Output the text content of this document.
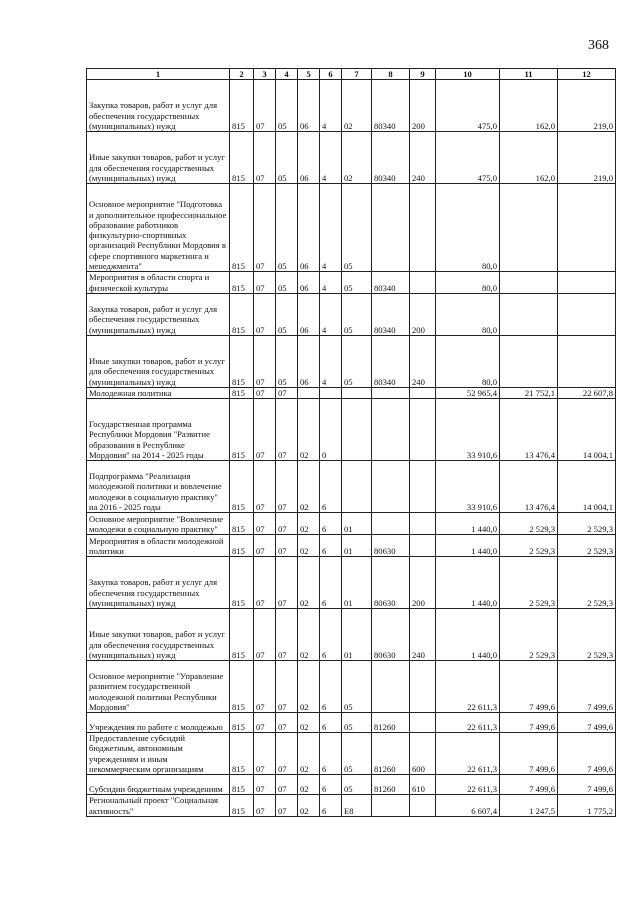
368
1	2	3	4	5	6	7	8	9	10	11	12
Закупка товаров, работ и услуг для обеспечения государственных (муниципальных) нужд	815	07	05	06	4	02	80340	200	475,0	162,0	219,0
Иные закупки товаров, работ и услуг для обеспечения государственных (муниципальных) нужд	815	07	05	06	4	02	80340	240	475,0	162,0	219,0
Основное мероприятие "Подготовка и дополнительное профессиональное образование работников физкультурно-спортивных организаций Республики Мордовия в сфере спортивного маркетинга и менеджмента"	815	07	05	06	4	05			80,0		
Мероприятия в области спорта и физической культуры	815	07	05	06	4	05	80340		80,0		
Закупка товаров, работ и услуг для обеспечения государственных (муниципальных) нужд	815	07	05	06	4	05	80340	200	80,0		
Иные закупки товаров, работ и услуг для обеспечения государственных (муниципальных) нужд	815	07	05	06	4	05	80340	240	80,0		
Молодежная политика	815	07	07						52 965,4	21 752,1	22 607,8
Государственная программа Республики Мордовия "Развитие образования в Республике Мордовия" на 2014 - 2025 годы	815	07	07	02	0				33 910,6	13 476,4	14 004,1
Подпрограмма "Реализация молодежной политики и вовлечение молодежи в социальную практику" на 2016 - 2025 годы	815	07	07	02	6				33 910,6	13 476,4	14 004,1
Основное мероприятие "Вовлечение молодежи в социальную практику"	815	07	07	02	6	01			1 440,0	2 529,3	2 529,3
Мероприятия в области молодежной политики	815	07	07	02	6	01	80630		1 440,0	2 529,3	2 529,3
Закупка товаров, работ и услуг для обеспечения государственных (муниципальных) нужд	815	07	07	02	6	01	80630	200	1 440,0	2 529,3	2 529,3
Иные закупки товаров, работ и услуг для обеспечения государственных (муниципальных) нужд	815	07	07	02	6	01	80630	240	1 440,0	2 529,3	2 529,3
Основное мероприятие "Управление развитием государственной молодежной политики Республики Мордовия"	815	07	07	02	6	05			22 611,3	7 499,6	7 499,6
Учреждения по работе с молодежью	815	07	07	02	6	05	81260		22 611,3	7 499,6	7 499,6
Предоставление субсидий бюджетным, автономным учреждениям и иным некоммерческим организациям	815	07	07	02	6	05	81260	600	22 611,3	7 499,6	7 499,6
Субсидии бюджетным учреждениям	815	07	07	02	6	05	81260	610	22 611,3	7 499,6	7 499,6
Региональный проект "Социальная активность"	815	07	07	02	6	E8			6 607,4	1 247,5	1 775,2
